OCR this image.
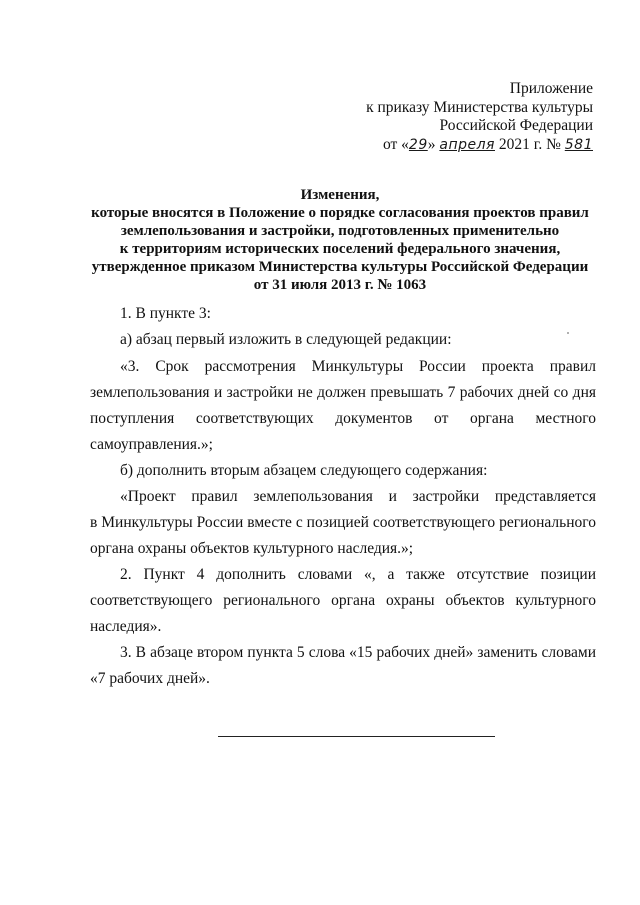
Приложение
к приказу Министерства культуры
Российской Федерации
от «29» апреля 2021 г. № 581
Изменения,
которые вносятся в Положение о порядке согласования проектов правил
землепользования и застройки, подготовленных применительно
к территориям исторических поселений федерального значения,
утвержденное приказом Министерства культуры Российской Федерации
от 31 июля 2013 г. № 1063
1. В пункте 3:
а) абзац первый изложить в следующей редакции:
«3. Срок рассмотрения Минкультуры России проекта правил
землепользования и застройки не должен превышать 7 рабочих дней со дня
поступления соответствующих документов от органа местного
самоуправления.»;
б) дополнить вторым абзацем следующего содержания:
«Проект правил землепользования и застройки представляется
в Минкультуры России вместе с позицией соответствующего регионального
органа охраны объектов культурного наследия.»;
2. Пункт 4 дополнить словами «, а также отсутствие позиции
соответствующего регионального органа охраны объектов культурного
наследия».
3. В абзаце втором пункта 5 слова «15 рабочих дней» заменить словами
«7 рабочих дней».
